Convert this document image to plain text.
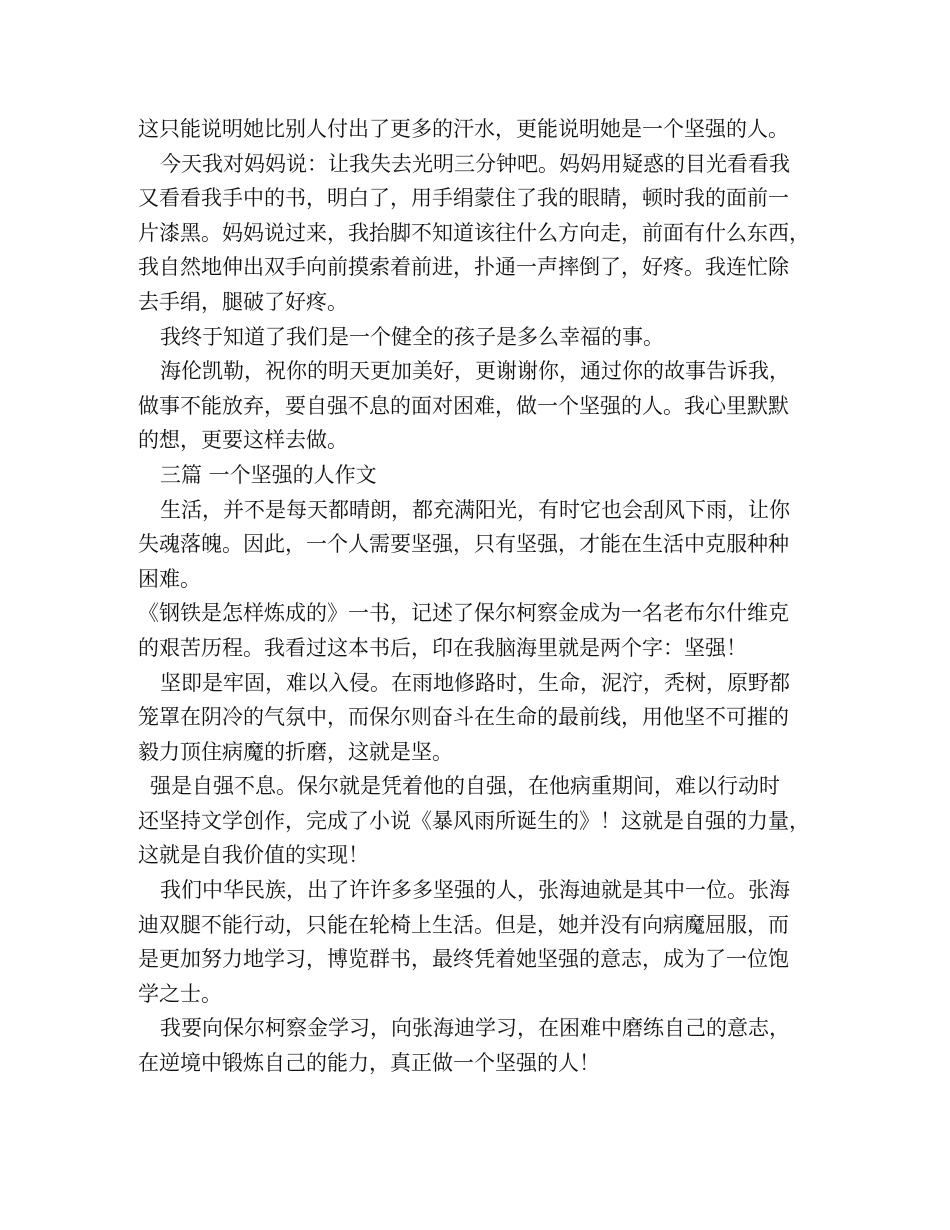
这只能说明她比别人付出了更多的汗水，更能说明她是一个坚强的人。
今天我对妈妈说：让我失去光明三分钟吧。妈妈用疑惑的目光看看我
又看看我手中的书，明白了，用手绢蒙住了我的眼睛，顿时我的面前一
片漆黑。妈妈说过来，我抬脚不知道该往什么方向走，前面有什么东西，
我自然地伸出双手向前摸索着前进，扑通一声摔倒了，好疼。我连忙除
去手绢，腿破了好疼。
我终于知道了我们是一个健全的孩子是多么幸福的事。
海伦凯勒，祝你的明天更加美好，更谢谢你，通过你的故事告诉我，
做事不能放弃，要自强不息的面对困难，做一个坚强的人。我心里默默
的想，更要这样去做。
三篇 一个坚强的人作文
生活，并不是每天都晴朗，都充满阳光，有时它也会刮风下雨，让你
失魂落魄。因此，一个人需要坚强，只有坚强，才能在生活中克服种种
困难。
《钢铁是怎样炼成的》一书，记述了保尔柯察金成为一名老布尔什维克
的艰苦历程。我看过这本书后，印在我脑海里就是两个字：坚强！
坚即是牢固，难以入侵。在雨地修路时，生命，泥泞，秃树，原野都
笼罩在阴冷的气氛中，而保尔则奋斗在生命的最前线，用他坚不可摧的
毅力顶住病魔的折磨，这就是坚。
强是自强不息。保尔就是凭着他的自强，在他病重期间，难以行动时
还坚持文学创作，完成了小说《暴风雨所诞生的》！这就是自强的力量，
这就是自我价值的实现！
我们中华民族，出了许许多多坚强的人，张海迪就是其中一位。张海
迪双腿不能行动，只能在轮椅上生活。但是，她并没有向病魔屈服，而
是更加努力地学习，博览群书，最终凭着她坚强的意志，成为了一位饱
学之士。
我要向保尔柯察金学习，向张海迪学习，在困难中磨练自己的意志，
在逆境中锻炼自己的能力，真正做一个坚强的人！
